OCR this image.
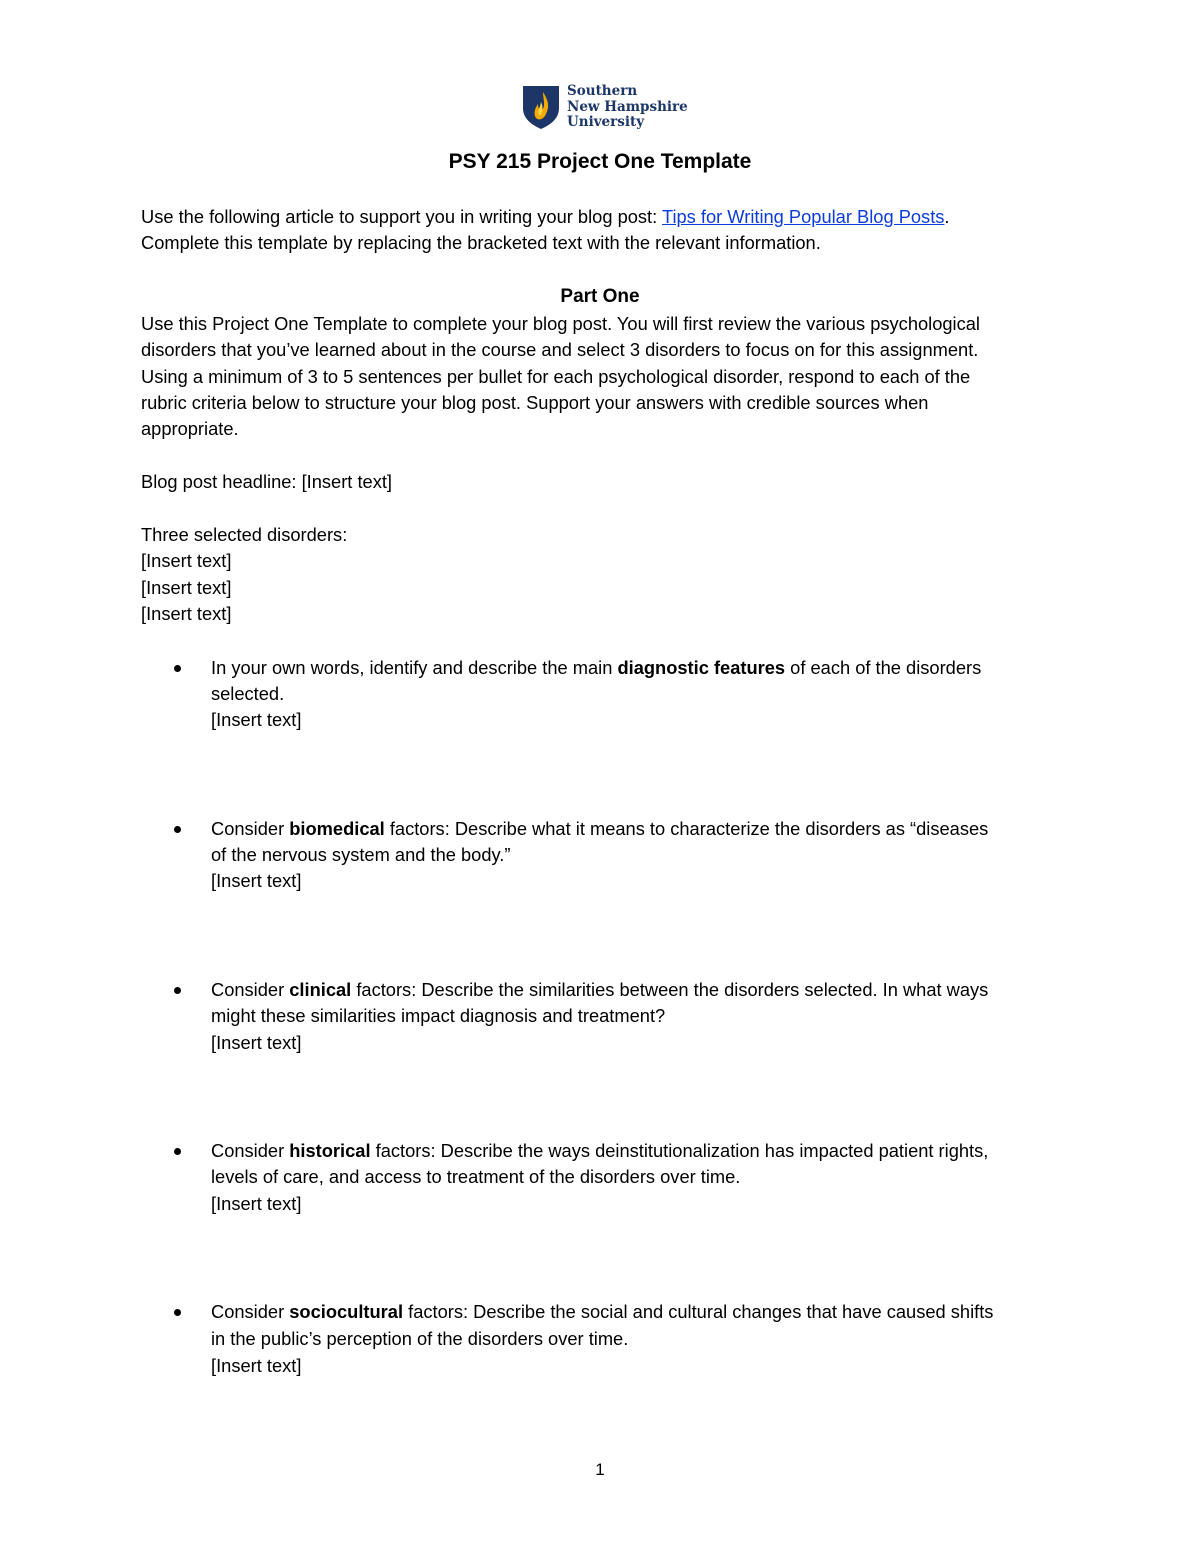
Southern
New Hampshire
University
PSY 215 Project One Template
Use the following article to support you in writing your blog post: Tips for Writing Popular Blog Posts.
Complete this template by replacing the bracketed text with the relevant information.
Part One
Use this Project One Template to complete your blog post. You will first review the various psychological
disorders that you’ve learned about in the course and select 3 disorders to focus on for this assignment.
Using a minimum of 3 to 5 sentences per bullet for each psychological disorder, respond to each of the
rubric criteria below to structure your blog post. Support your answers with credible sources when
appropriate.
Blog post headline: [Insert text]
Three selected disorders:
[Insert text]
[Insert text]
[Insert text]
In your own words, identify and describe the main diagnostic features of each of the disorders
selected.
[Insert text]
Consider biomedical factors: Describe what it means to characterize the disorders as “diseases
of the nervous system and the body.”
[Insert text]
Consider clinical factors: Describe the similarities between the disorders selected. In what ways
might these similarities impact diagnosis and treatment?
[Insert text]
Consider historical factors: Describe the ways deinstitutionalization has impacted patient rights,
levels of care, and access to treatment of the disorders over time.
[Insert text]
Consider sociocultural factors: Describe the social and cultural changes that have caused shifts
in the public’s perception of the disorders over time.
[Insert text]
1
